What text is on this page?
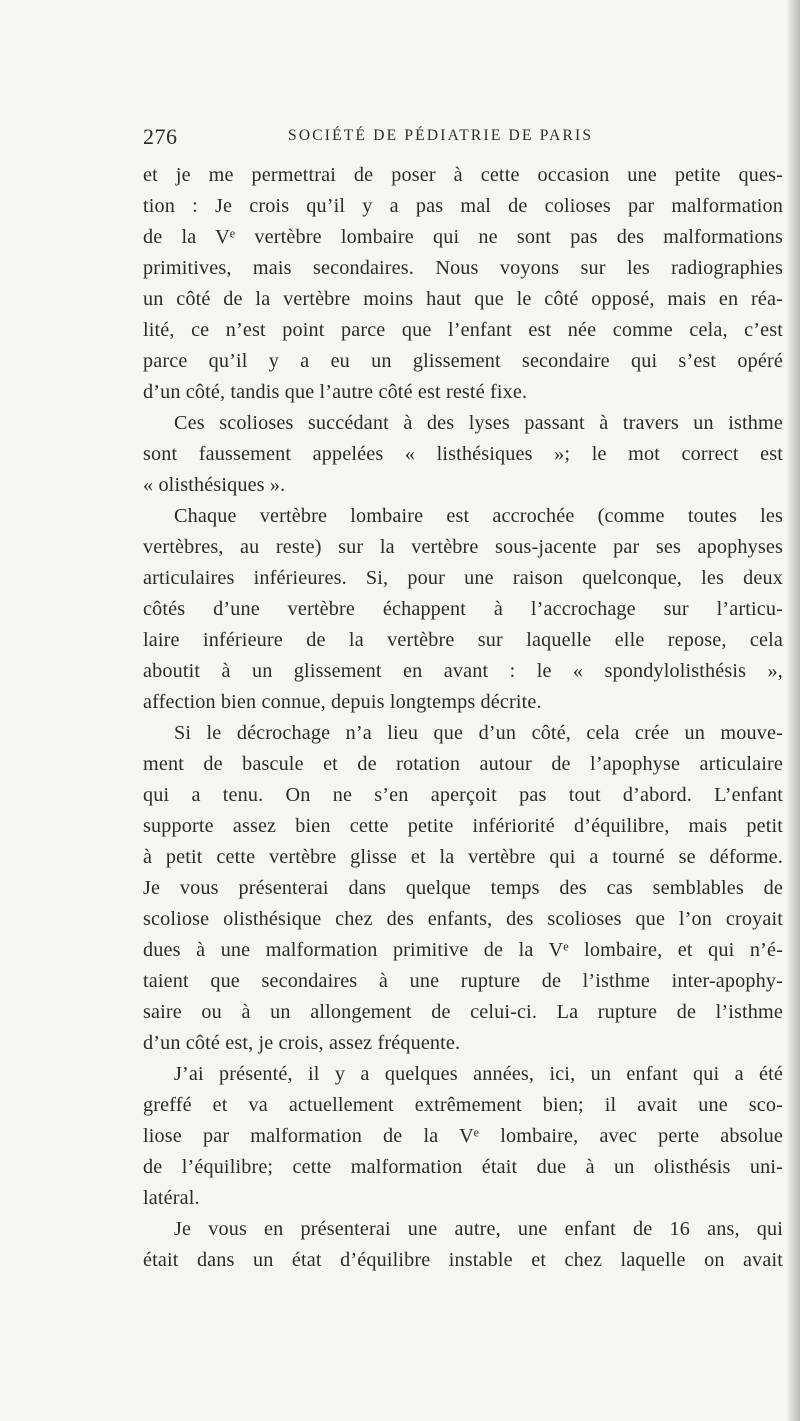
276	SOCIÉTÉ DE PÉDIATRIE DE PARIS
et je me permettrai de poser à cette occasion une petite ques-
tion : Je crois qu’il y a pas mal de colioses par malformation
de la Vᵉ vertèbre lombaire qui ne sont pas des malformations
primitives, mais secondaires. Nous voyons sur les radiographies
un côté de la vertèbre moins haut que le côté opposé, mais en réa-
lité, ce n’est point parce que l’enfant est née comme cela, c’est
parce qu’il y a eu un glissement secondaire qui s’est opéré
d’un côté, tandis que l’autre côté est resté fixe.
Ces scolioses succédant à des lyses passant à travers un isthme
sont faussement appelées « listhésiques »; le mot correct est
« olisthésiques ».
Chaque vertèbre lombaire est accrochée (comme toutes les
vertèbres, au reste) sur la vertèbre sous-jacente par ses apophyses
articulaires inférieures. Si, pour une raison quelconque, les deux
côtés d’une vertèbre échappent à l’accrochage sur l’articu-
laire inférieure de la vertèbre sur laquelle elle repose, cela
aboutit à un glissement en avant : le « spondylolisthésis »,
affection bien connue, depuis longtemps décrite.
Si le décrochage n’a lieu que d’un côté, cela crée un mouve-
ment de bascule et de rotation autour de l’apophyse articulaire
qui a tenu. On ne s’en aperçoit pas tout d’abord. L’enfant
supporte assez bien cette petite infériorité d’équilibre, mais petit
à petit cette vertèbre glisse et la vertèbre qui a tourné se déforme.
Je vous présenterai dans quelque temps des cas semblables de
scoliose olisthésique chez des enfants, des scolioses que l’on croyait
dues à une malformation primitive de la Vᵉ lombaire, et qui n’é-
taient que secondaires à une rupture de l’isthme inter-apophy-
saire ou à un allongement de celui-ci. La rupture de l’isthme
d’un côté est, je crois, assez fréquente.
J’ai présenté, il y a quelques années, ici, un enfant qui a été
greffé et va actuellement extrêmement bien; il avait une sco-
liose par malformation de la Vᵉ lombaire, avec perte absolue
de l’équilibre; cette malformation était due à un olisthésis uni-
latéral.
Je vous en présenterai une autre, une enfant de 16 ans, qui
était dans un état d’équilibre instable et chez laquelle on avait
